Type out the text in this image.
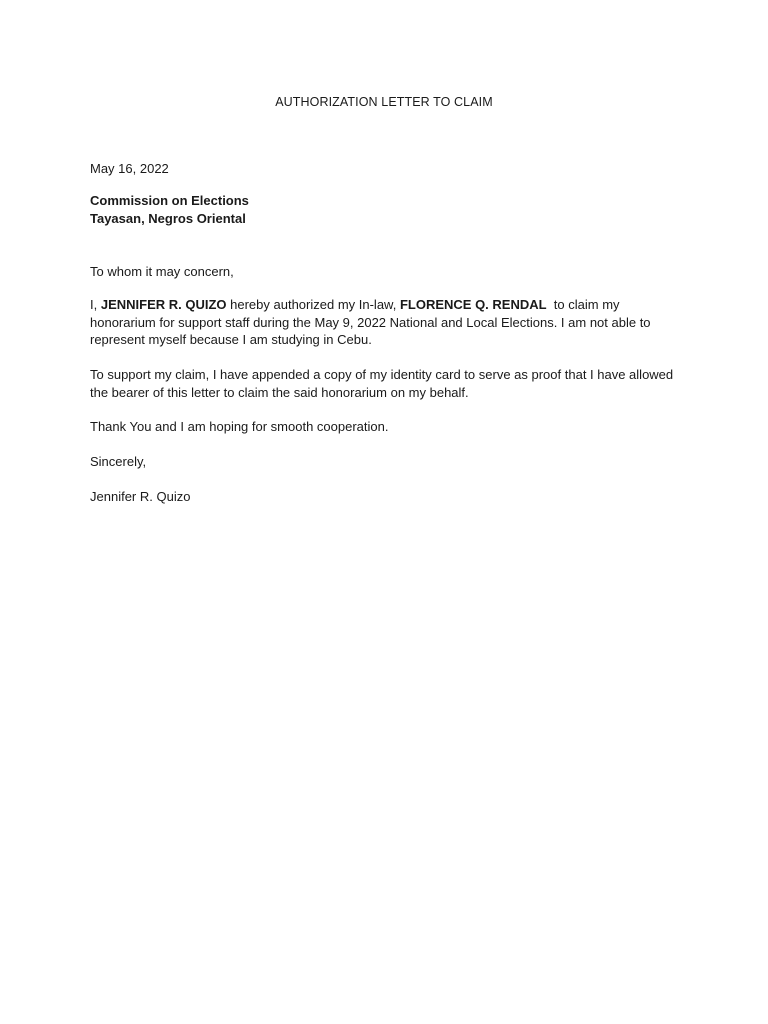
AUTHORIZATION LETTER TO CLAIM
May 16, 2022
Commission on Elections
Tayasan, Negros Oriental
To whom it may concern,

I, JENNIFER R. QUIZO hereby authorized my In-law, FLORENCE Q. RENDAL  to claim my honorarium for support staff during the May 9, 2022 National and Local Elections. I am not able to represent myself because I am studying in Cebu.

To support my claim, I have appended a copy of my identity card to serve as proof that I have allowed the bearer of this letter to claim the said honorarium on my behalf.

Thank You and I am hoping for smooth cooperation.

Sincerely,
Jennifer R. Quizo
